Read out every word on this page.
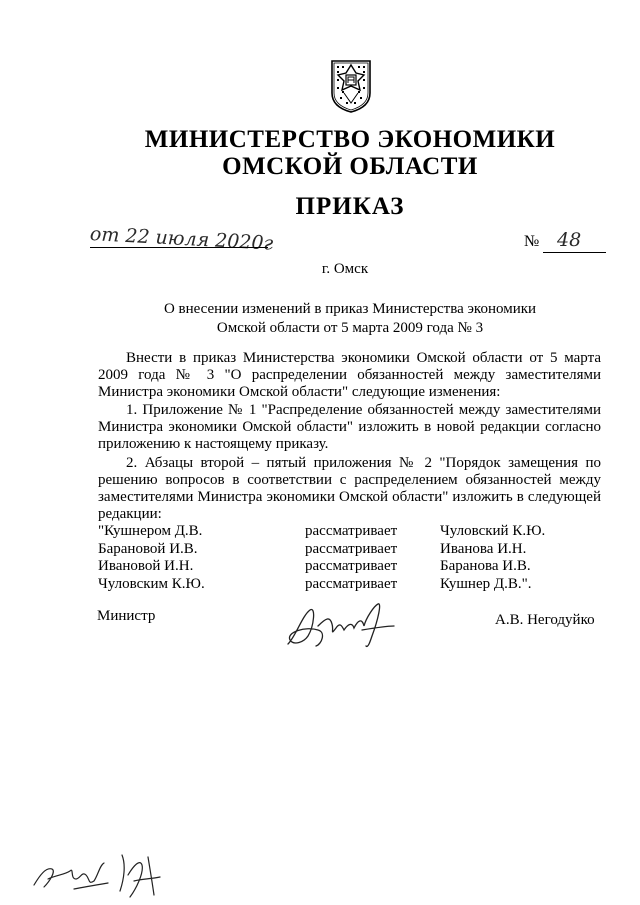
МИНИСТЕРСТВО ЭКОНОМИКИ
ОМСКОЙ ОБЛАСТИ
ПРИКАЗ
от 22 июля 2020г	№ 48
г. Омск
О внесении изменений в приказ Министерства экономики
Омской области от 5 марта 2009 года № 3

Внести в приказ Министерства экономики Омской области от 5 марта 2009 года № 3 "О распределении обязанностей между заместителями Министра экономики Омской области" следующие изменения:

1. Приложение № 1 "Распределение обязанностей между заместителями Министра экономики Омской области" изложить в новой редакции согласно приложению к настоящему приказу.

2. Абзацы второй – пятый приложения № 2 "Порядок замещения по решению вопросов в соответствии с распределением обязанностей между заместителями Министра экономики Омской области" изложить в следующей редакции:

"Кушнером Д.В.	рассматривает	Чуловский К.Ю.
Барановой И.В.	рассматривает	Иванова И.Н.
Ивановой И.Н.	рассматривает	Баранова И.В.
Чуловским К.Ю.	рассматривает	Кушнер Д.В.".
Министр	А.В. Негодуйко
